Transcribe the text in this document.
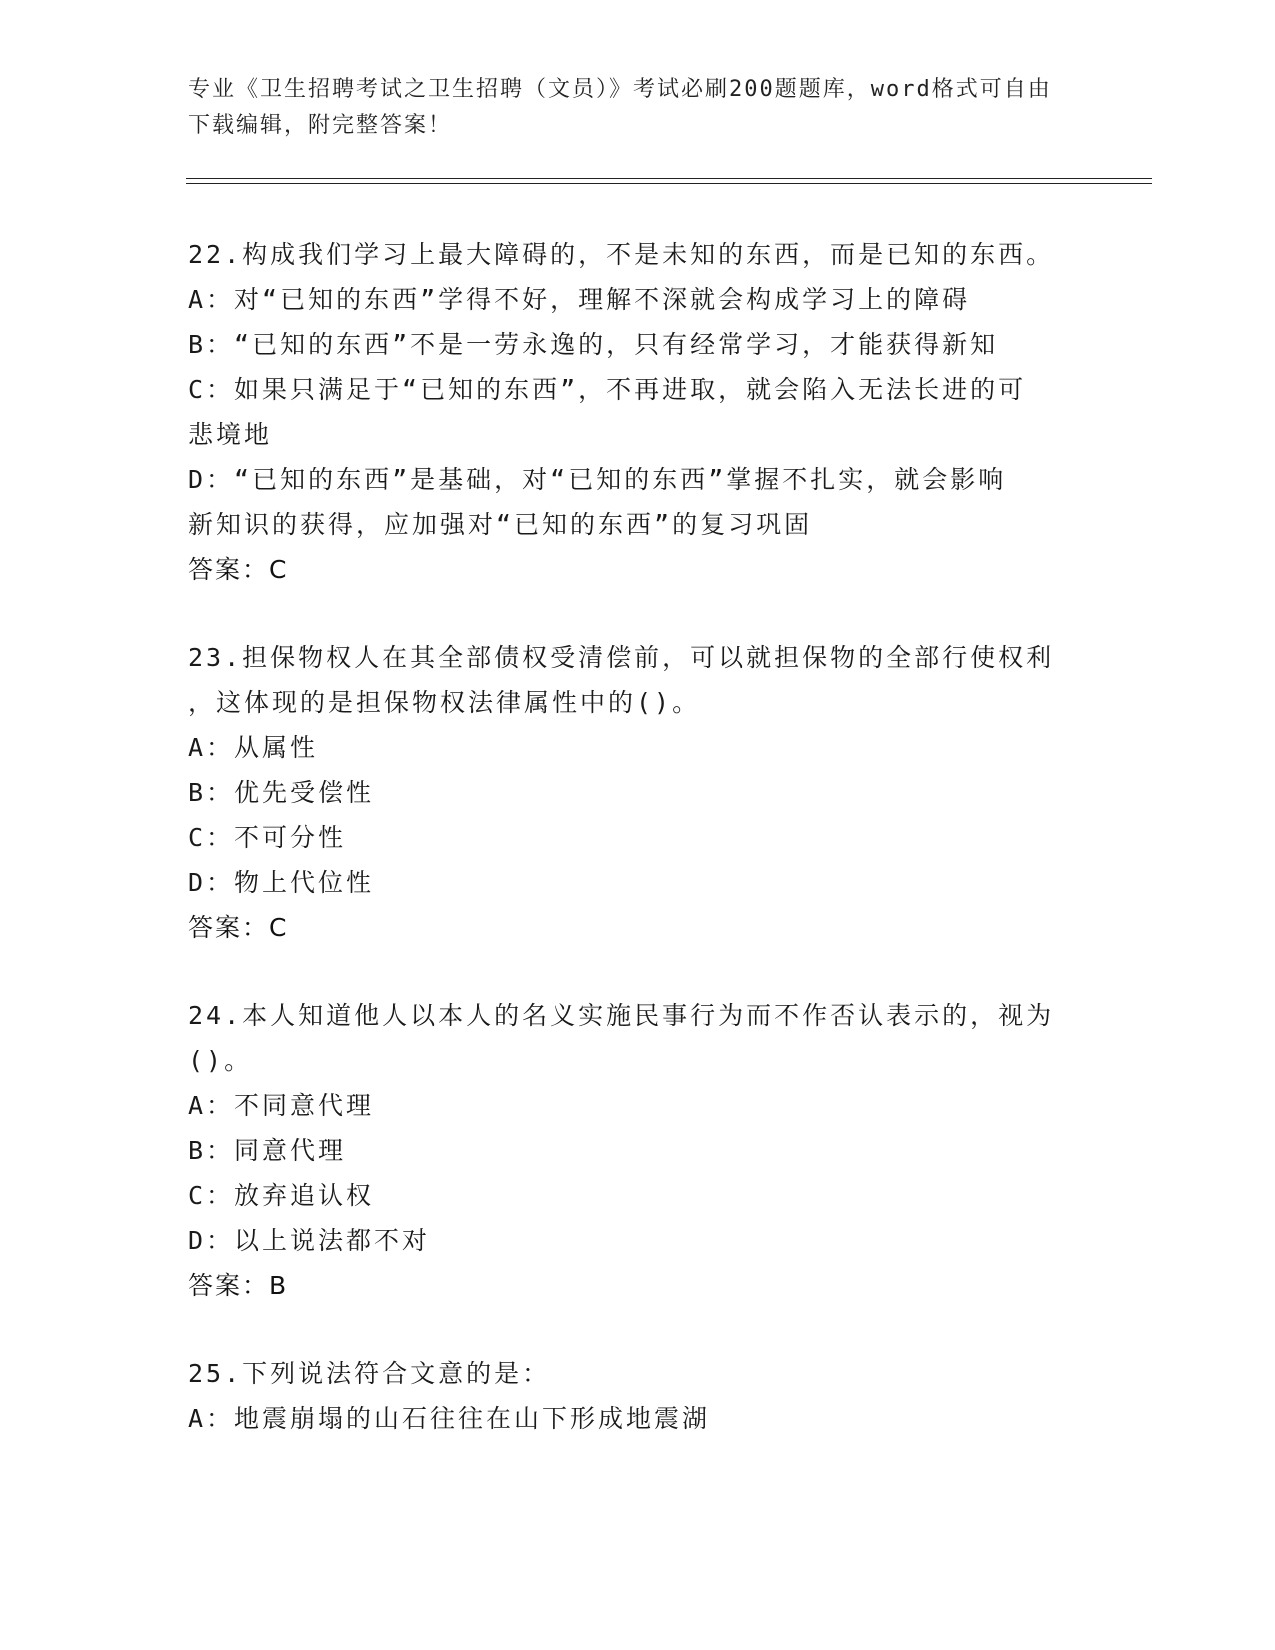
专业《卫生招聘考试之卫生招聘（文员）》考试必刷200题题库，word格式可自由下载编辑，附完整答案！
22.构成我们学习上最大障碍的，不是未知的东西，而是已知的东西。
A：对“已知的东西”学得不好，理解不深就会构成学习上的障碍
B：“已知的东西”不是一劳永逸的，只有经常学习，才能获得新知
C：如果只满足于“已知的东西”，不再进取，就会陷入无法长进的可
悲境地
D：“已知的东西”是基础，对“已知的东西”掌握不扎实，就会影响
新知识的获得，应加强对“已知的东西”的复习巩固
答案：C
23.担保物权人在其全部债权受清偿前，可以就担保物的全部行使权利
，这体现的是担保物权法律属性中的()。
A：从属性
B：优先受偿性
C：不可分性
D：物上代位性
答案：C
24.本人知道他人以本人的名义实施民事行为而不作否认表示的，视为
()。
A：不同意代理
B：同意代理
C：放弃追认权
D：以上说法都不对
答案：B
25.下列说法符合文意的是：
A：地震崩塌的山石往往在山下形成地震湖
